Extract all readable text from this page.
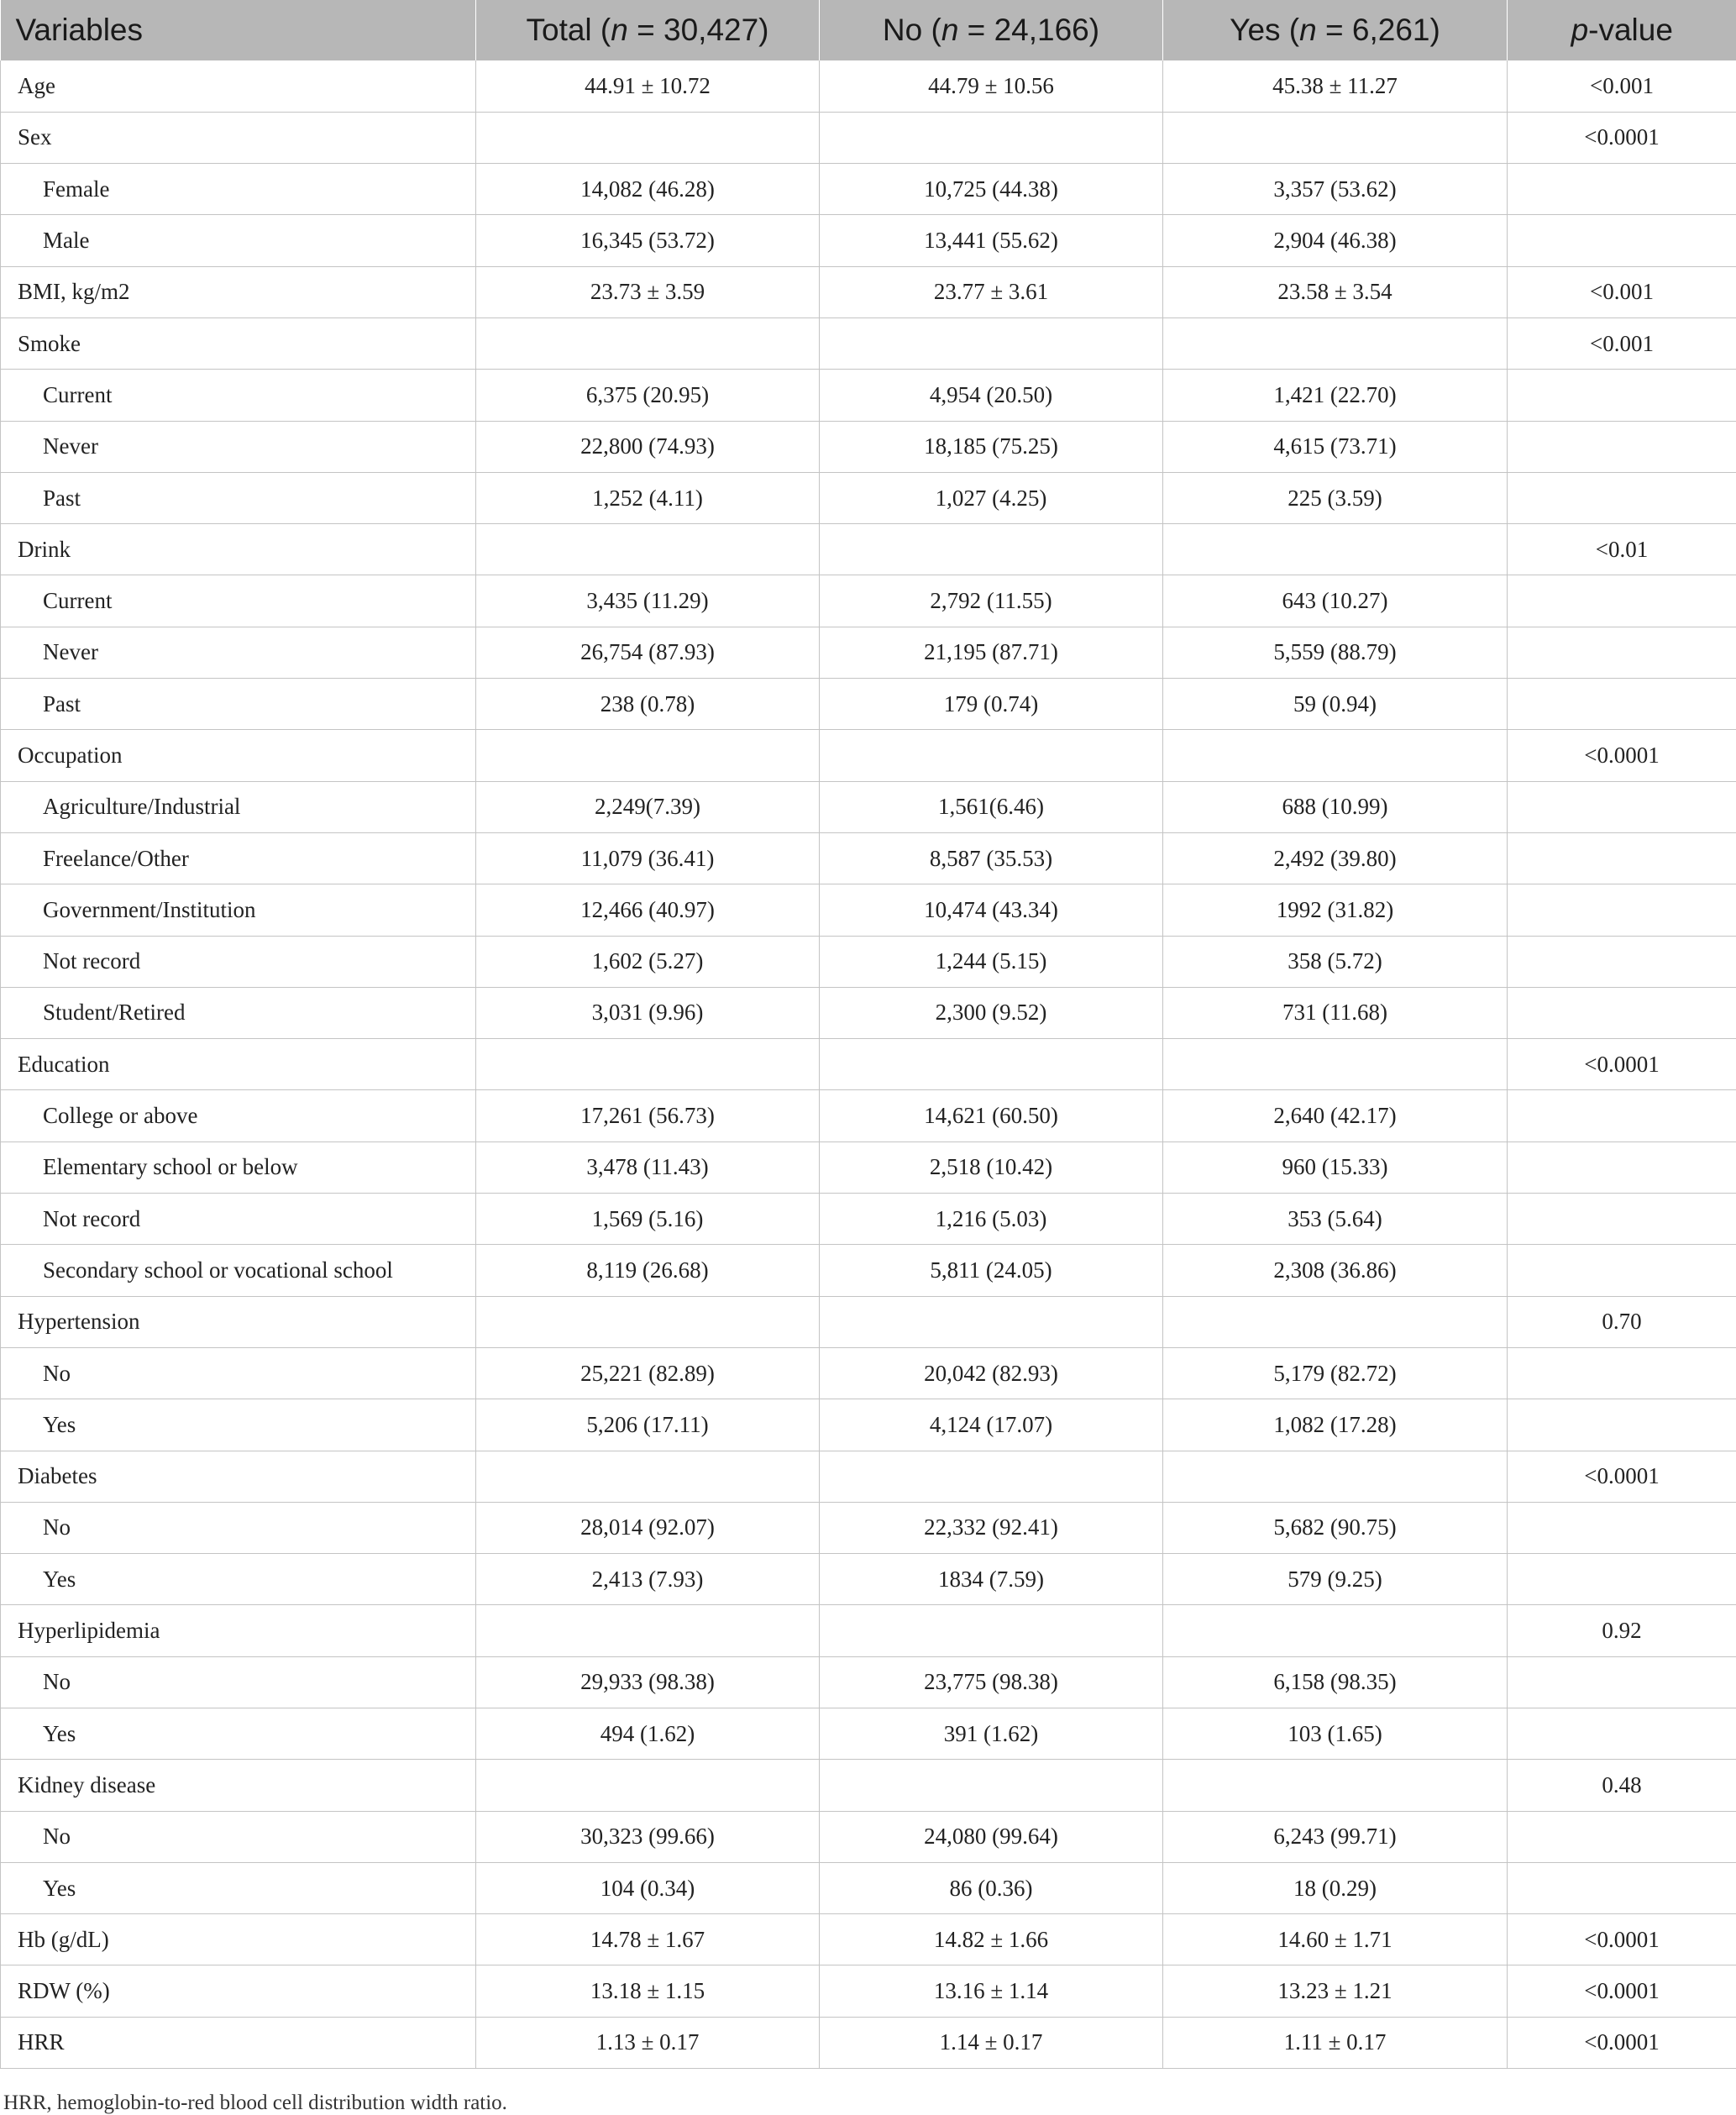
Variables	Total (n = 30,427)	No (n = 24,166)	Yes (n = 6,261)	p-value
Age	44.91 ± 10.72	44.79 ± 10.56	45.38 ± 11.27	<0.001
Sex				<0.0001
Female	14,082 (46.28)	10,725 (44.38)	3,357 (53.62)	
Male	16,345 (53.72)	13,441 (55.62)	2,904 (46.38)	
BMI, kg/m2	23.73 ± 3.59	23.77 ± 3.61	23.58 ± 3.54	<0.001
Smoke				<0.001
Current	6,375 (20.95)	4,954 (20.50)	1,421 (22.70)	
Never	22,800 (74.93)	18,185 (75.25)	4,615 (73.71)	
Past	1,252 (4.11)	1,027 (4.25)	225 (3.59)	
Drink				<0.01
Current	3,435 (11.29)	2,792 (11.55)	643 (10.27)	
Never	26,754 (87.93)	21,195 (87.71)	5,559 (88.79)	
Past	238 (0.78)	179 (0.74)	59 (0.94)	
Occupation				<0.0001
Agriculture/Industrial	2,249(7.39)	1,561(6.46)	688 (10.99)	
Freelance/Other	11,079 (36.41)	8,587 (35.53)	2,492 (39.80)	
Government/Institution	12,466 (40.97)	10,474 (43.34)	1992 (31.82)	
Not record	1,602 (5.27)	1,244 (5.15)	358 (5.72)	
Student/Retired	3,031 (9.96)	2,300 (9.52)	731 (11.68)	
Education				<0.0001
College or above	17,261 (56.73)	14,621 (60.50)	2,640 (42.17)	
Elementary school or below	3,478 (11.43)	2,518 (10.42)	960 (15.33)	
Not record	1,569 (5.16)	1,216 (5.03)	353 (5.64)	
Secondary school or vocational school	8,119 (26.68)	5,811 (24.05)	2,308 (36.86)	
Hypertension				0.70
No	25,221 (82.89)	20,042 (82.93)	5,179 (82.72)	
Yes	5,206 (17.11)	4,124 (17.07)	1,082 (17.28)	
Diabetes				<0.0001
No	28,014 (92.07)	22,332 (92.41)	5,682 (90.75)	
Yes	2,413 (7.93)	1834 (7.59)	579 (9.25)	
Hyperlipidemia				0.92
No	29,933 (98.38)	23,775 (98.38)	6,158 (98.35)	
Yes	494 (1.62)	391 (1.62)	103 (1.65)	
Kidney disease				0.48
No	30,323 (99.66)	24,080 (99.64)	6,243 (99.71)	
Yes	104 (0.34)	86 (0.36)	18 (0.29)	
Hb (g/dL)	14.78 ± 1.67	14.82 ± 1.66	14.60 ± 1.71	<0.0001
RDW (%)	13.18 ± 1.15	13.16 ± 1.14	13.23 ± 1.21	<0.0001
HRR	1.13 ± 0.17	1.14 ± 0.17	1.11 ± 0.17	<0.0001
HRR, hemoglobin-to-red blood cell distribution width ratio.
